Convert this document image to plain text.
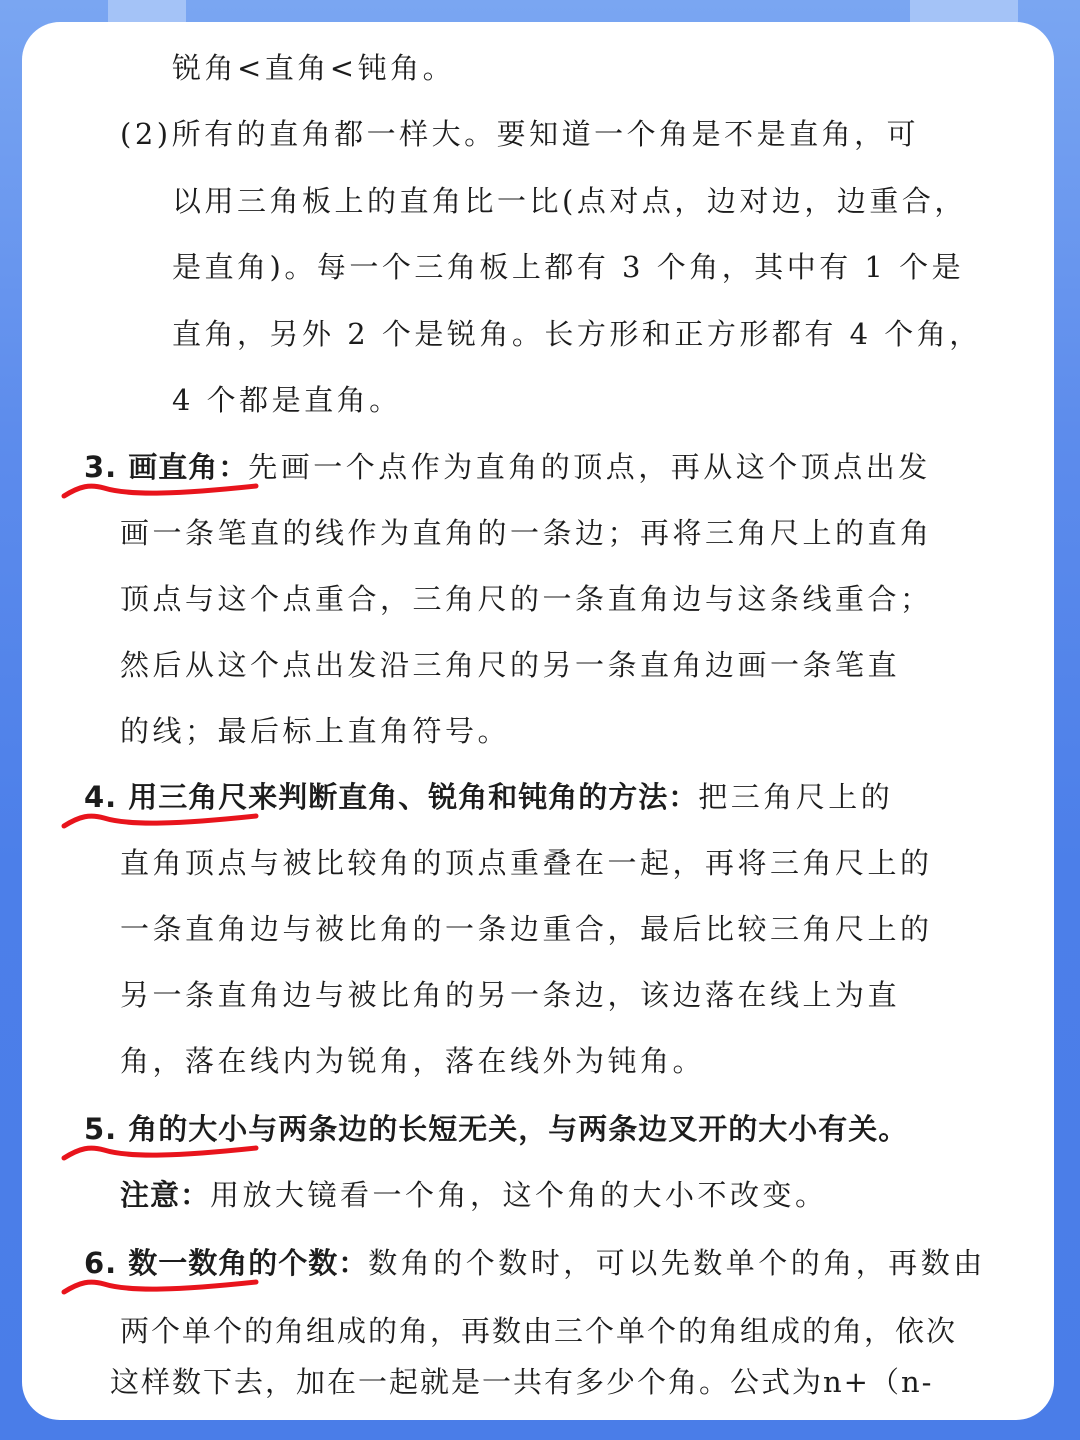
锐角<直角<钝角。
(2)所有的直角都一样大。要知道一个角是不是直角，可
以用三角板上的直角比一比(点对点，边对边，边重合，
是直角)。每一个三角板上都有 3 个角，其中有 1 个是
直角，另外 2 个是锐角。长方形和正方形都有 4 个角，
4 个都是直角。
3. 画直角：先画一个点作为直角的顶点，再从这个顶点出发
画一条笔直的线作为直角的一条边；再将三角尺上的直角
顶点与这个点重合，三角尺的一条直角边与这条线重合；
然后从这个点出发沿三角尺的另一条直角边画一条笔直
的线；最后标上直角符号。
4. 用三角尺来判断直角、锐角和钝角的方法：把三角尺上的
直角顶点与被比较角的顶点重叠在一起，再将三角尺上的
一条直角边与被比角的一条边重合，最后比较三角尺上的
另一条直角边与被比角的另一条边，该边落在线上为直
角，落在线内为锐角，落在线外为钝角。
5. 角的大小与两条边的长短无关，与两条边叉开的大小有关。
注意：用放大镜看一个角，这个角的大小不改变。
6. 数一数角的个数：数角的个数时，可以先数单个的角，再数由
两个单个的角组成的角，再数由三个单个的角组成的角，依次
这样数下去，加在一起就是一共有多少个角。公式为n+（n-
